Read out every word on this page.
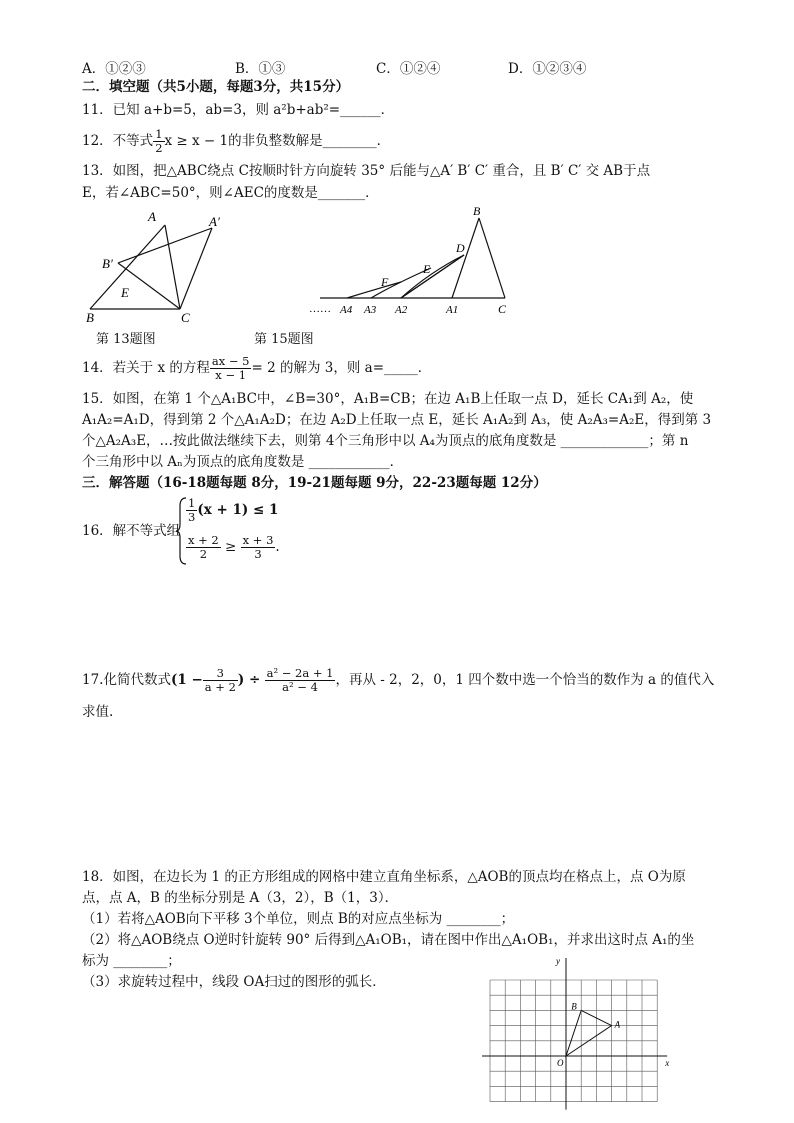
A．①②③	B．①③	C．①②④	D．①②③④
二．填空题（共5小题，每题3分，共15分）
11．已知 a+b=5，ab=3，则 a²b+ab²=______．
12．不等式 $\frac{1}{2}$ x ≥ x − 1的非负整数解是________．
13．如图，把△ABC绕点 C按顺时针方向旋转 35° 后能与△A′ B′ C′ 重合，且 B′ C′ 交 AB于点
E，若∠ABC=50°，则∠AEC的度数是_______．
A	A′
B′
E
B	C
第 13题图
B
D
E
F
A4 A3 A2	A1	C
……
第 15题图
14．若关于 x 的方程 $\frac{ax - 5}{x - 1} = 2$ 的解为 3，则 a=_____．
15．如图，在第 1 个△A₁BC中，∠B=30°，A₁B=CB；在边 A₁B上任取一点 D，延长 CA₁到 A₂，使
A₁A₂=A₁D，得到第 2 个△A₁A₂D；在边 A₂D上任取一点 E，延长 A₁A₂到 A₃，使 A₂A₃=A₂E，得到第 3
个△A₂A₃E，…按此做法继续下去，则第 4个三角形中以 A₄为顶点的底角度数是 _____________；第 n
个三角形中以 Aₙ为顶点的底角度数是 ____________．
三．解答题（16-18题每题 8分，19-21题每题 9分，22-23题每题 12分）
16．解不等式组
$\frac{1}{3} (x + 1) \le 1$
$\frac{x + 2}{2} \ge \frac{x + 3}{3}$ .
17.化简代数式($1 - \frac{3}{a + 2}$ ) ÷ $\frac{\text{a² − 2a + 1}}{\text{a² − 4}}$ ，再从 - 2，2，0，1 四个数中选一个恰当的数作为 a 的值代入
求值.
18．如图，在边长为 1 的正方形组成的网格中建立直角坐标系，△AOB的顶点均在格点上，点 O为原
点，点 A，B 的坐标分别是 A（3，2），B（1，3）．
（1）若将△AOB向下平移 3个单位，则点 B的对应点坐标为 ________；
（2）将△AOB绕点 O逆时针旋转 90° 后得到△A₁OB₁，请在图中作出△A₁OB₁，并求出这时点 A₁的坐
标为 ________；
（3）求旋转过程中，线段 OA扫过的图形的弧长．
y
x
O
A
B
